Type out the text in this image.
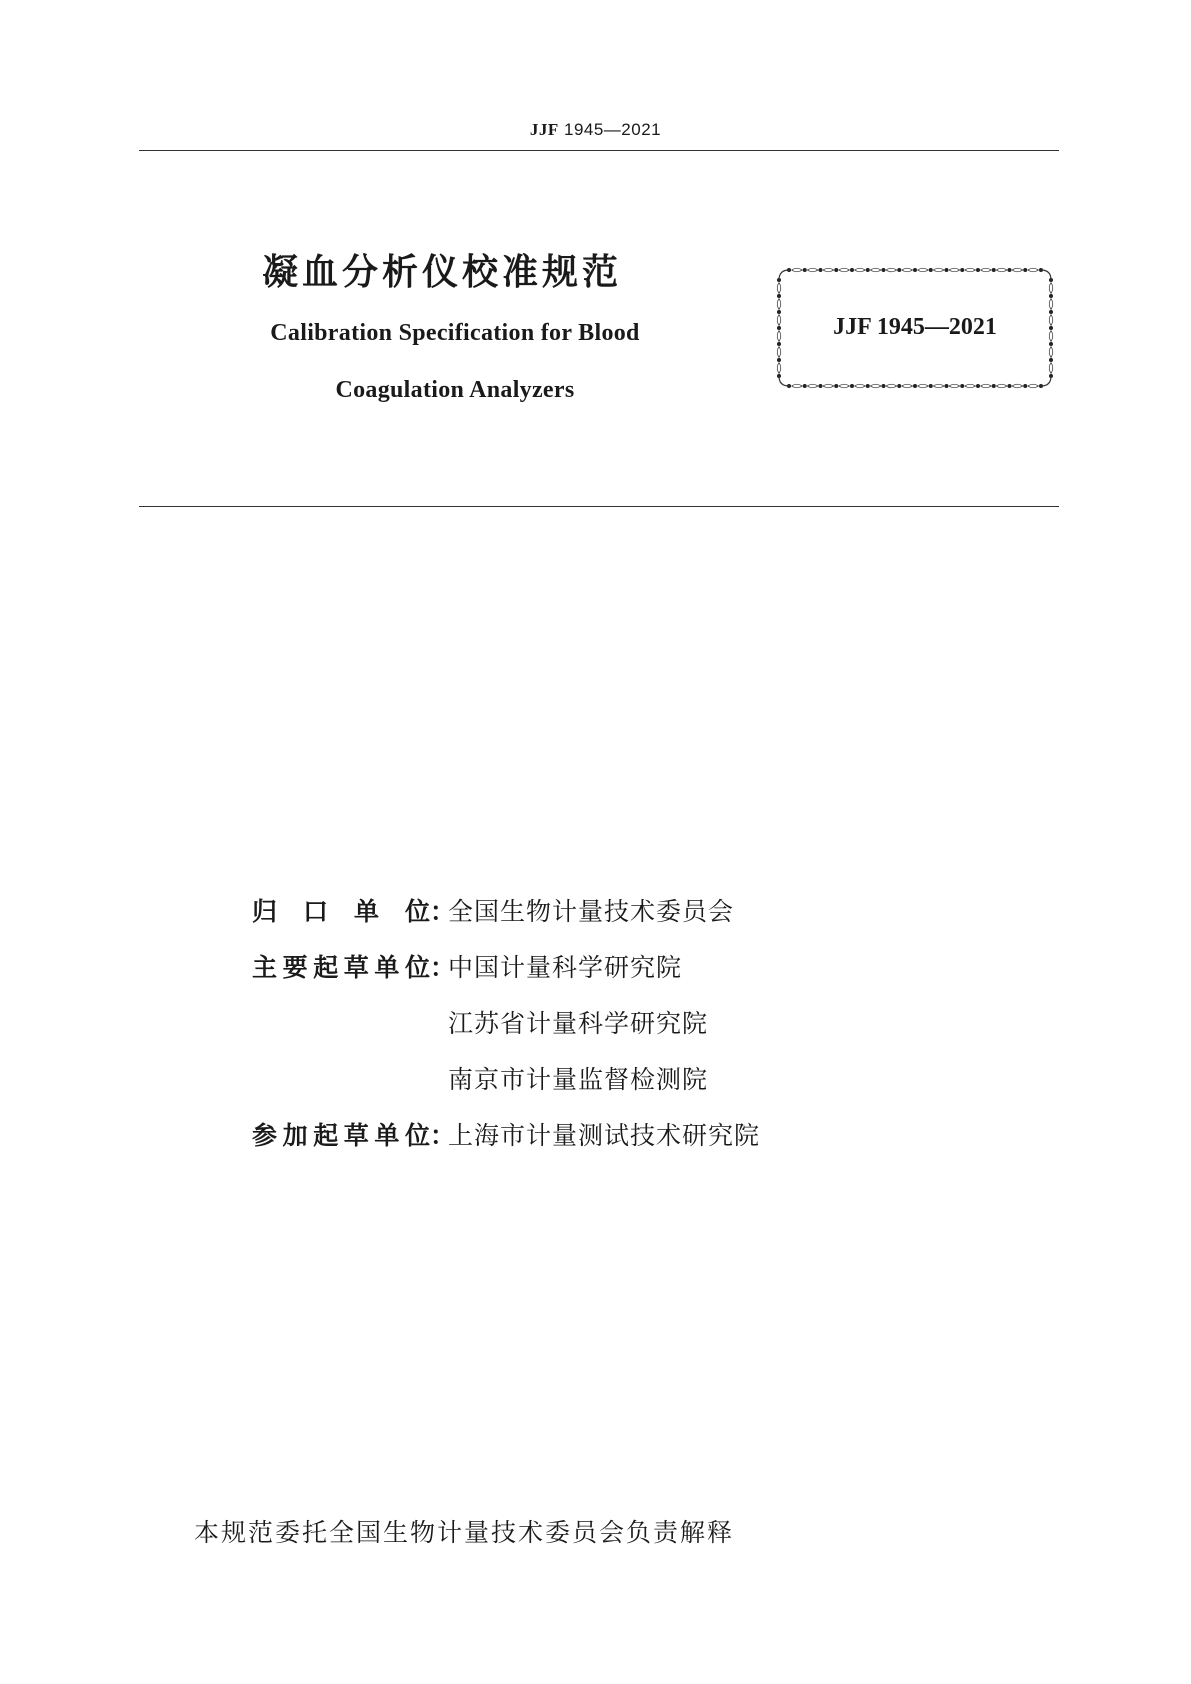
JJF 1945—2021
凝血分析仪校准规范
Calibration Specification for Blood
Coagulation Analyzers
JJF 1945—2021
归口单位 ：
全国生物计量技术委员会
主要起草单位 ：
中国计量科学研究院
江苏省计量科学研究院
南京市计量监督检测院
参加起草单位 ：
上海市计量测试技术研究院
本规范委托全国生物计量技术委员会负责解释
